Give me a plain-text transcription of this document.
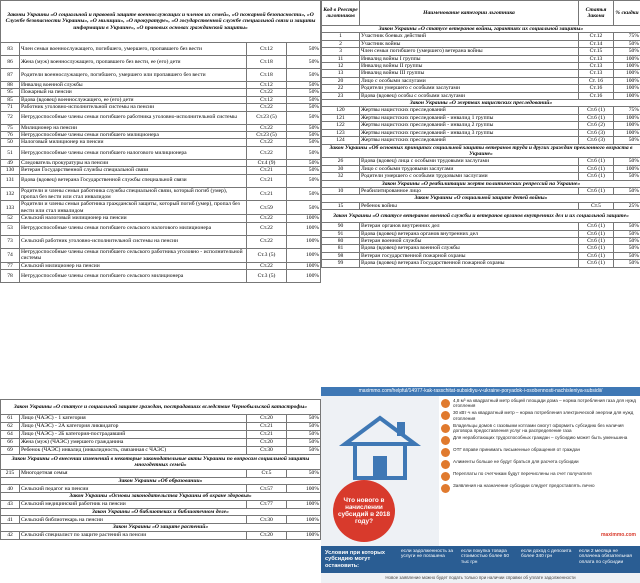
Законы Украины «О социальной и правовой защите военнослужащих и членов их семей», «О пожарной безопасности», «О Службе безопасности Украины», «О милиции», «О прокуратуре», «О государственной службе специальной связи и защиты информации в Украине», «О правовых основах гражданской защиты»			
83	Член семьи военнослужащего, погибшего, умершего, пропавшего без вести	Ст.12	50%
86	Жена (муж) военнослужащего, пропавшего без вести, ее (его) дети	Ст.18	50%
87	Родители военнослужащего, погибшего, умершего или пропавшего без вести	Ст.18	50%
88	Инвалид военной службы	Ст.12	50%
95	Пожарный на пенсии	Ст.22	50%
85	Вдова (вдовец) военнослужащего, ее (его) дети	Ст.12	50%
71	Работник уголовно-исполнительной системы на пенсии	Ст.22	50%
72	Нетрудоспособные члены семьи погибшего работника уголовно-исполнительной системы	Ст.23 (5)	50%
75	Милиционер на пенсии	Ст.22	50%
76	Нетрудоспособные члены семьи погибшего милиционера	Ст.23 (5)	50%
50	Налоговый милиционер на пенсии	Ст.22	50%
51	Нетрудоспособные члены семьи погибшего налогового милиционера	Ст.22	50%
49	Следователь прокуратуры на пенсии	Ст.4 (9)	50%
130	Ветеран Государственной службы специальной связи	Ст.21	50%
131	Вдова (вдовец) ветерана Государственной службы специальной связи	Ст.21	50%
132	Родители и члены семьи работника службы специальной связи, который погиб (умер), пропал без вести или стал инвалидом	Ст.21	50%
133	Родители и члены семьи работника гражданской защиты, который погиб (умер), пропал без вести или стал инвалидом	Ст.59	50%
52	Сельский налоговый милиционер на пенсии	Ст.22	100%
53	Нетрудоспособные члены семьи погибшего сельского налогового милиционера	Ст.22	100%
73	Сельский работник уголовно-исполнительной системы на пенсии	Ст.22	100%
74	Нетрудоспособные члены семьи погибшего сельского работника уголовно - исполнительной системы	Ст.3 (5)	100%
77	Сельский милиционер на пенсии	Ст.22	100%
78	Нетрудоспособные члены семьи погибшего сельского милиционера	Ст.3 (5)	100%
Код в Реестре льготников	Наименование категории льготника	Статья Закона	% скидки
Закон Украины «О статусе ветеранов войны, гарантиях их социальной защиты»			
1	Участник боевых действий	Ст.12	75%
2	Участник войны	Ст.14	50%
3	Член семьи погибшего (умершего) ветерана войны	Ст.15	50%
11	Инвалид войны I группы	Ст.13	100%
12	Инвалид войны II группы	Ст.13	100%
13	Инвалид войны III группы	Ст.13	100%
20	Лицо с особыми заслугами	Ст. 16	100%
22	Родители умершего с особыми заслугами	Ст.16	100%
23	Вдова (вдовец) особы с особыми заслугами	Ст.16	100%
Закон Украины «О жертвах нацистских преследований»			
120	Жертвы нацистских преследований	Ст.6 (1)	75%
121	Жертвы нацистских преследований - инвалид 1 группы	Ст.6 (1)	100%
122	Жертвы нацистских преследований - инвалид 2 группы	Ст.6 (2)	100%
123	Жертвы нацистских преследований - инвалид 3 группы	Ст.6 (3)	100%
124	Жертвы нацистских преследований	Ст.6 (3)	50%
Закон Украины «Об основных принципах социальной защиты ветеранов труда и других граждан преклонного возраста в Украине»			
26	Вдова (вдовец) лица с особыми трудовыми заслугами	Ст.6 (1)	50%
30	Лицо с особыми трудовыми заслугами	Ст.6 (1)	100%
32	Родители умершего с особыми трудовыми заслугами	Ст.6 (1)	50%
Закон Украины «О реабилитации жертв политических репрессий на Украине»			
10	Реабилитированное лицо	Ст.6 (1)	50%
Закон Украины «О социальной защите детей войны»			
15	Ребенок войны	Ст.5	25%
Закон Украины «О статусе ветеранов военной службы и ветеранов органов внутренних дел и их социальной защите»			
90	Ветеран органов внутренних дел	Ст.6 (1)	50%
91	Вдова (вдовец) ветерана органов внутренних дел	Ст.6 (1)	50%
80	Ветеран военной службы	Ст.6 (1)	50%
81	Вдова (вдовец) ветерана военной службы	Ст.6 (1)	50%
98	Ветеран государственной пожарной охраны	Ст.6 (1)	50%
99	Вдова (вдовец) ветерана Государственной пожарной охраны	Ст.6 (1)	50%
Закон Украины «О статусе и социальной защите граждан, пострадавших вследствие Чернобыльской катастрофы»			
61	Лицо (ЧАЭС) - 1 категория	Ст.20	50%
62	Лицо (ЧАЭС) - 2А категория ликвидатор	Ст.21	50%
64	Лицо (ЧАЭС) - 2Б категория-пострадавший	Ст.21	50%
66	Жена (муж) (ЧАЭС) умершего гражданина	Ст.20	50%
69	Ребенок (ЧАЭС) инвалид (инвалидность, связанная с ЧАЭС)	Ст.30	50%
Закон Украины «О внесении изменений в некоторые законодательные акты Украины по вопросам социальной защиты многодетных семей»			
215	Многодетная семья	Ст.5	50%
Закон Украины «Об образовании»			
40	Сельский педагог на пенсии	Ст.57	100%
Закон Украины «Основы законодательства Украины об охране здоровья»			
43	Сельский медицинский работник на пенсии	Ст.77	100%
Закон Украины «О библиотеках и библиотечном деле»			
41	Сельский библиотекарь на пенсии	Ст.30	100%
Закон Украины «О защите растений»			
42	Сельский специалист по защите растений на пенсии	Ст.20	100%
maximmo.com/helpful/14977-kak-rasschitat-subsidiyu-v-ukraine-poryadok-i-osobennosti-nachisleniya-subsidii/
Что нового в начислении субсидий в 2018 году?
4,8 м³ на квадратный метр общей площади дома – норма потребления газа для нужд отопления
30 кВт·ч на квадратный метр – норма потребления электрической энергии для нужд отопления
Владельцы домов с газовыми котлами смогут оформить субсидию без наличия договора предоставления услуг на распределение газа
Для неработающих трудоспособных граждан – субсидию может быть уменьшена
ОТГ вправе принимать письменные обращения от граждан
Алименты больше не будут браться для расчета субсидии
Переплаты по счетчикам будут перечислены на счет получателя
Заявления на назначение субсидии следует предоставлять лично
maximmo.com
Условия при которых субсидию могут остановить:
если задолженность за услуги не погашена
если покупка товара стоимостью более 50 тыс грн
если доход с депозита более 340 грн
если 2 месяца не оплачена обязательная оплата по субсидии
Новое заявление можно будет подать только при наличии справки об уплате задолженности
